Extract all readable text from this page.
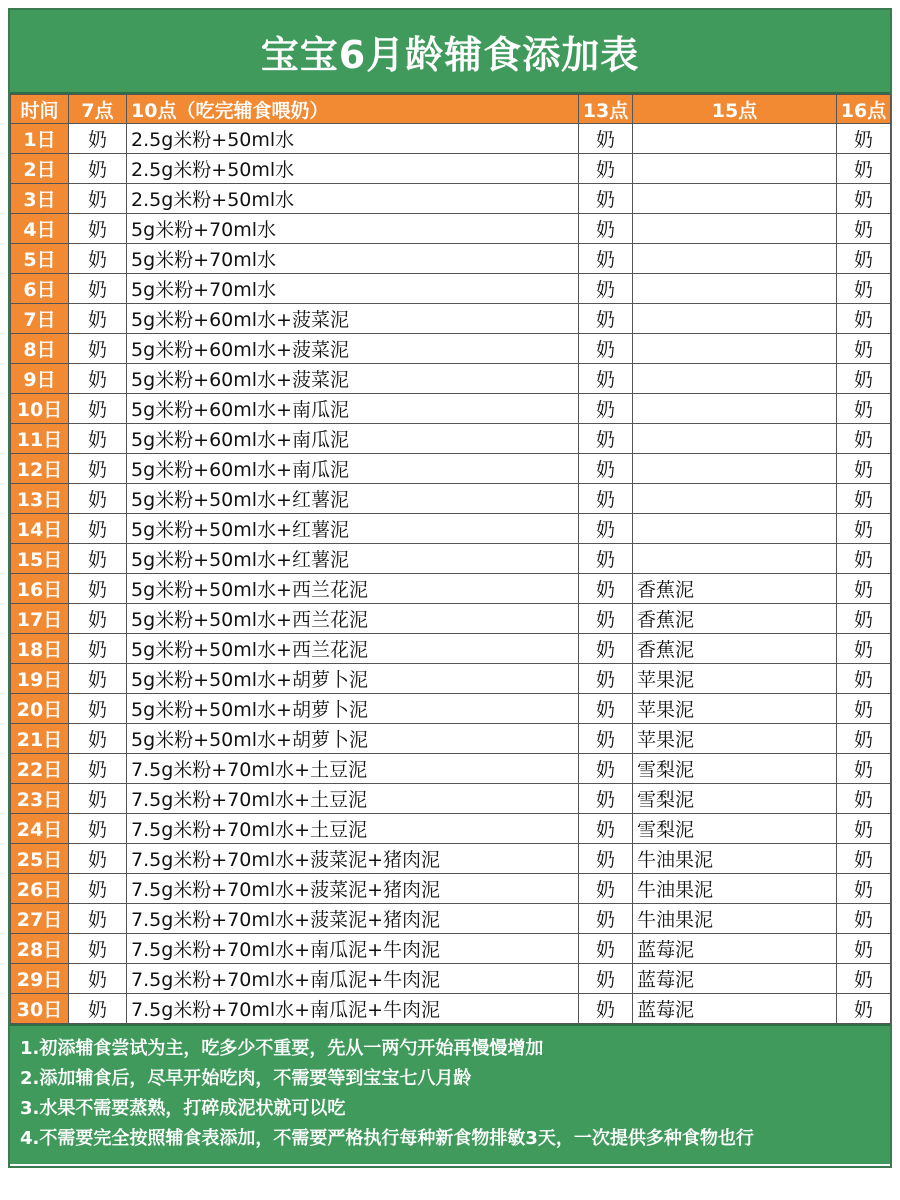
宝宝6月龄辅食添加表
时间	7点	10点（吃完辅食喂奶）	13点	15点	16点
1日	奶	2.5g米粉+50ml水	奶		奶
2日	奶	2.5g米粉+50ml水	奶		奶
3日	奶	2.5g米粉+50ml水	奶		奶
4日	奶	5g米粉+70ml水	奶		奶
5日	奶	5g米粉+70ml水	奶		奶
6日	奶	5g米粉+70ml水	奶		奶
7日	奶	5g米粉+60ml水+菠菜泥	奶		奶
8日	奶	5g米粉+60ml水+菠菜泥	奶		奶
9日	奶	5g米粉+60ml水+菠菜泥	奶		奶
10日	奶	5g米粉+60ml水+南瓜泥	奶		奶
11日	奶	5g米粉+60ml水+南瓜泥	奶		奶
12日	奶	5g米粉+60ml水+南瓜泥	奶		奶
13日	奶	5g米粉+50ml水+红薯泥	奶		奶
14日	奶	5g米粉+50ml水+红薯泥	奶		奶
15日	奶	5g米粉+50ml水+红薯泥	奶		奶
16日	奶	5g米粉+50ml水+西兰花泥	奶	香蕉泥	奶
17日	奶	5g米粉+50ml水+西兰花泥	奶	香蕉泥	奶
18日	奶	5g米粉+50ml水+西兰花泥	奶	香蕉泥	奶
19日	奶	5g米粉+50ml水+胡萝卜泥	奶	苹果泥	奶
20日	奶	5g米粉+50ml水+胡萝卜泥	奶	苹果泥	奶
21日	奶	5g米粉+50ml水+胡萝卜泥	奶	苹果泥	奶
22日	奶	7.5g米粉+70ml水+土豆泥	奶	雪梨泥	奶
23日	奶	7.5g米粉+70ml水+土豆泥	奶	雪梨泥	奶
24日	奶	7.5g米粉+70ml水+土豆泥	奶	雪梨泥	奶
25日	奶	7.5g米粉+70ml水+菠菜泥+猪肉泥	奶	牛油果泥	奶
26日	奶	7.5g米粉+70ml水+菠菜泥+猪肉泥	奶	牛油果泥	奶
27日	奶	7.5g米粉+70ml水+菠菜泥+猪肉泥	奶	牛油果泥	奶
28日	奶	7.5g米粉+70ml水+南瓜泥+牛肉泥	奶	蓝莓泥	奶
29日	奶	7.5g米粉+70ml水+南瓜泥+牛肉泥	奶	蓝莓泥	奶
30日	奶	7.5g米粉+70ml水+南瓜泥+牛肉泥	奶	蓝莓泥	奶
1.初添辅食尝试为主，吃多少不重要，先从一两勺开始再慢慢增加
2.添加辅食后，尽早开始吃肉，不需要等到宝宝七八月龄
3.水果不需要蒸熟，打碎成泥状就可以吃
4.不需要完全按照辅食表添加，不需要严格执行每种新食物排敏3天，一次提供多种食物也行
